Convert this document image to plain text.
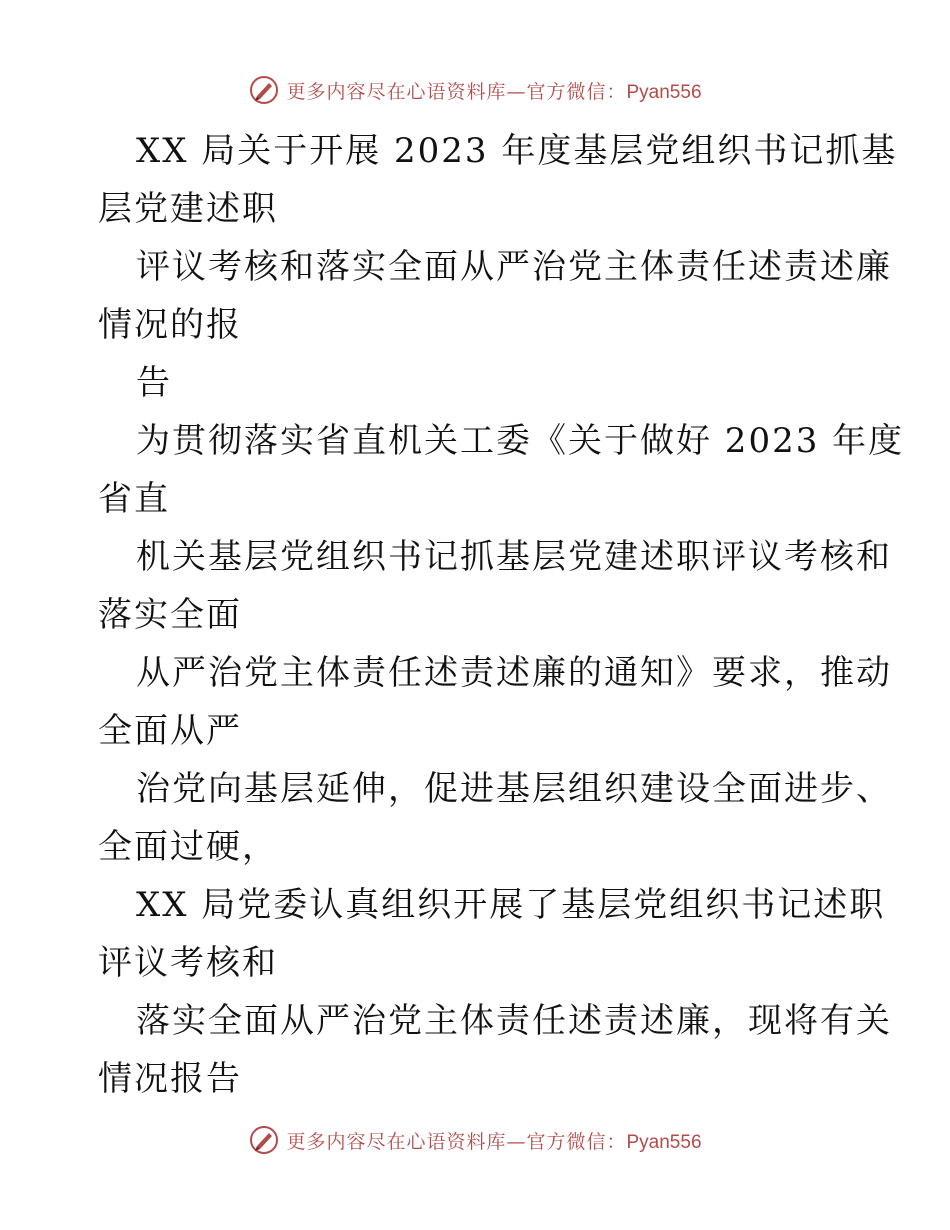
更多内容尽在心语资料库—官方微信：Pyan556
XX 局关于开展 2023 年度基层党组织书记抓基
层党建述职
评议考核和落实全面从严治党主体责任述责述廉
情况的报
告
为贯彻落实省直机关工委《关于做好 2023 年度
省直
机关基层党组织书记抓基层党建述职评议考核和
落实全面
从严治党主体责任述责述廉的通知》要求，推动
全面从严
治党向基层延伸，促进基层组织建设全面进步、
全面过硬，
XX 局党委认真组织开展了基层党组织书记述职
评议考核和
落实全面从严治党主体责任述责述廉，现将有关
情况报告
更多内容尽在心语资料库—官方微信：Pyan556
